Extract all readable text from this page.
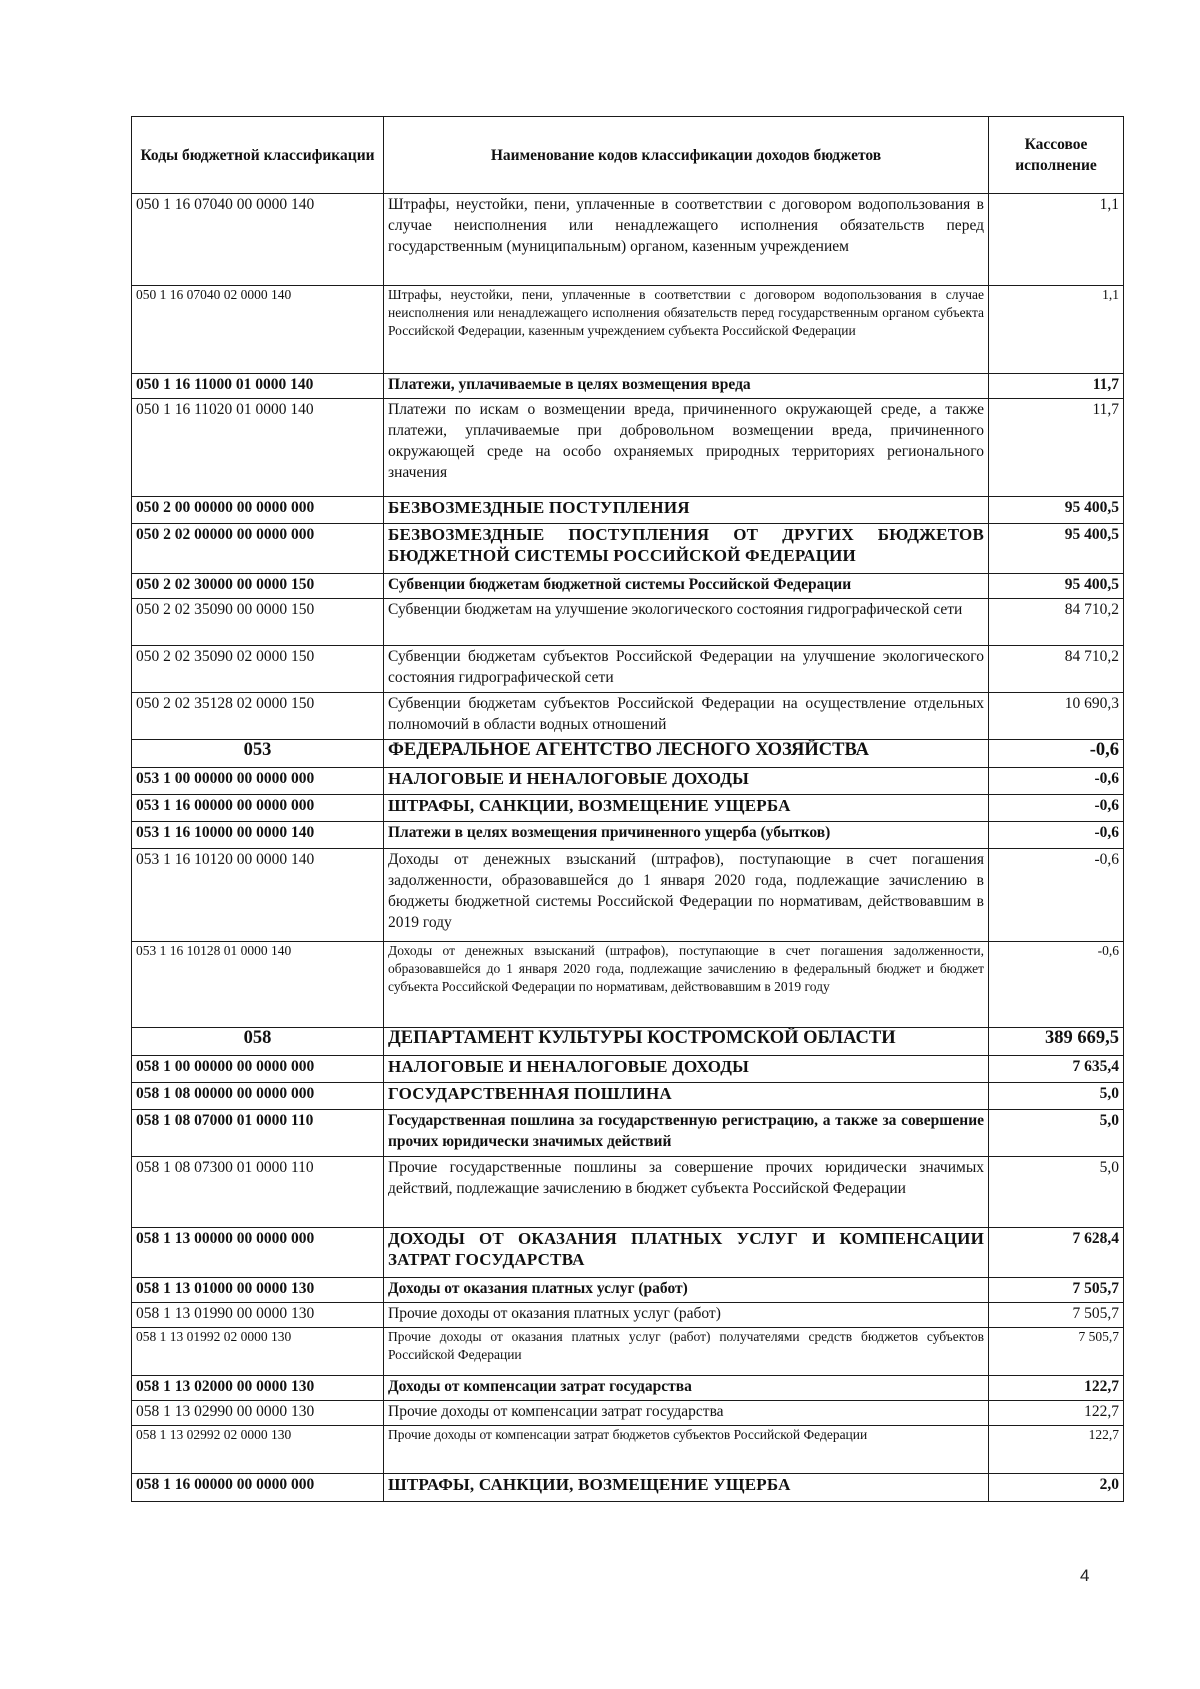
Коды бюджетной классификации	Наименование кодов классификации доходов бюджетов	Кассовое исполнение
050 1 16 07040 00 0000 140	Штрафы, неустойки, пени, уплаченные в соответствии с договором водопользования в случае неисполнения или ненадлежащего исполнения обязательств перед государственным (муниципальным) органом, казенным учреждением	1,1
050 1 16 07040 02 0000 140	Штрафы, неустойки, пени, уплаченные в соответствии с договором водопользования в случае неисполнения или ненадлежащего исполнения обязательств перед государственным органом субъекта Российской Федерации, казенным учреждением субъекта Российской Федерации	1,1
050 1 16 11000 01 0000 140	Платежи, уплачиваемые в целях возмещения вреда	11,7
050 1 16 11020 01 0000 140	Платежи по искам о возмещении вреда, причиненного окружающей среде, а также платежи, уплачиваемые при добровольном возмещении вреда, причиненного окружающей среде на особо охраняемых природных территориях регионального значения	11,7
050 2 00 00000 00 0000 000	БЕЗВОЗМЕЗДНЫЕ ПОСТУПЛЕНИЯ	95 400,5
050 2 02 00000 00 0000 000	БЕЗВОЗМЕЗДНЫЕ ПОСТУПЛЕНИЯ ОТ ДРУГИХ БЮДЖЕТОВ БЮДЖЕТНОЙ СИСТЕМЫ РОССИЙСКОЙ ФЕДЕРАЦИИ	95 400,5
050 2 02 30000 00 0000 150	Субвенции бюджетам бюджетной системы Российской Федерации	95 400,5
050 2 02 35090 00 0000 150	Субвенции бюджетам на улучшение экологического состояния гидрографической сети	84 710,2
050 2 02 35090 02 0000 150	Субвенции бюджетам субъектов Российской Федерации на улучшение экологического состояния гидрографической сети	84 710,2
050 2 02 35128 02 0000 150	Субвенции бюджетам субъектов Российской Федерации на осуществление отдельных полномочий в области водных отношений	10 690,3
053	ФЕДЕРАЛЬНОЕ АГЕНТСТВО ЛЕСНОГО ХОЗЯЙСТВА	-0,6
053 1 00 00000 00 0000 000	НАЛОГОВЫЕ И НЕНАЛОГОВЫЕ ДОХОДЫ	-0,6
053 1 16 00000 00 0000 000	ШТРАФЫ, САНКЦИИ, ВОЗМЕЩЕНИЕ УЩЕРБА	-0,6
053 1 16 10000 00 0000 140	Платежи в целях возмещения причиненного ущерба (убытков)	-0,6
053 1 16 10120 00 0000 140	Доходы от денежных взысканий (штрафов), поступающие в счет погашения задолженности, образовавшейся до 1 января 2020 года, подлежащие зачислению в бюджеты бюджетной системы Российской Федерации по нормативам, действовавшим в 2019 году	-0,6
053 1 16 10128 01 0000 140	Доходы от денежных взысканий (штрафов), поступающие в счет погашения задолженности, образовавшейся до 1 января 2020 года, подлежащие зачислению в федеральный бюджет и бюджет субъекта Российской Федерации по нормативам, действовавшим в 2019 году	-0,6
058	ДЕПАРТАМЕНТ КУЛЬТУРЫ КОСТРОМСКОЙ ОБЛАСТИ	389 669,5
058 1 00 00000 00 0000 000	НАЛОГОВЫЕ И НЕНАЛОГОВЫЕ ДОХОДЫ	7 635,4
058 1 08 00000 00 0000 000	ГОСУДАРСТВЕННАЯ ПОШЛИНА	5,0
058 1 08 07000 01 0000 110	Государственная пошлина за государственную регистрацию, а также за совершение прочих юридически значимых действий	5,0
058 1 08 07300 01 0000 110	Прочие государственные пошлины за совершение прочих юридически значимых действий, подлежащие зачислению в бюджет субъекта Российской Федерации	5,0
058 1 13 00000 00 0000 000	ДОХОДЫ ОТ ОКАЗАНИЯ ПЛАТНЫХ УСЛУГ И КОМПЕНСАЦИИ ЗАТРАТ ГОСУДАРСТВА	7 628,4
058 1 13 01000 00 0000 130	Доходы от оказания платных услуг (работ)	7 505,7
058 1 13 01990 00 0000 130	Прочие доходы от оказания платных услуг (работ)	7 505,7
058 1 13 01992 02 0000 130	Прочие доходы от оказания платных услуг (работ) получателями средств бюджетов субъектов Российской Федерации	7 505,7
058 1 13 02000 00 0000 130	Доходы от компенсации затрат государства	122,7
058 1 13 02990 00 0000 130	Прочие доходы от компенсации затрат государства	122,7
058 1 13 02992 02 0000 130	Прочие доходы от компенсации затрат бюджетов субъектов Российской Федерации	122,7
058 1 16 00000 00 0000 000	ШТРАФЫ, САНКЦИИ, ВОЗМЕЩЕНИЕ УЩЕРБА	2,0
4
